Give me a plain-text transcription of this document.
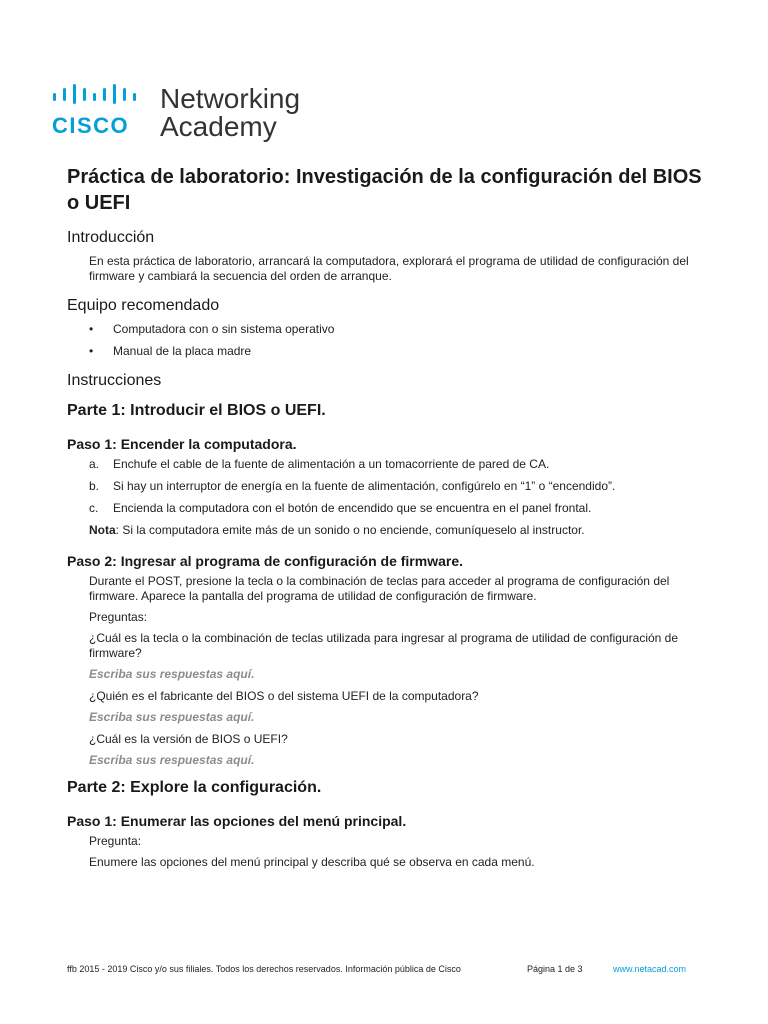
CISCO
Networking
Academy
Práctica de laboratorio: Investigación de la configuración del BIOS o UEFI
Introducción

En esta práctica de laboratorio, arrancará la computadora, explorará el programa de utilidad de configuración del firmware y cambiará la secuencia del orden de arranque.

Equipo recomendado
• Computadora con o sin sistema operativo
• Manual de la placa madre
Instrucciones
Parte 1: Introducir el BIOS o UEFI.
Paso 1: Encender la computadora.
a. Enchufe el cable de la fuente de alimentación a un tomacorriente de pared de CA.
b. Si hay un interruptor de energía en la fuente de alimentación, configúrelo en “1” o “encendido”.
c. Encienda la computadora con el botón de encendido que se encuentra en el panel frontal.

Nota: Si la computadora emite más de un sonido o no enciende, comuníqueselo al instructor.

Paso 2: Ingresar al programa de configuración de firmware.

Durante el POST, presione la tecla o la combinación de teclas para acceder al programa de configuración del firmware. Aparece la pantalla del programa de utilidad de configuración de firmware.

Preguntas:

¿Cuál es la tecla o la combinación de teclas utilizada para ingresar al programa de utilidad de configuración de firmware?

Escriba sus respuestas aquí.

¿Quién es el fabricante del BIOS o del sistema UEFI de la computadora?

Escriba sus respuestas aquí.

¿Cuál es la versión de BIOS o UEFI?

Escriba sus respuestas aquí.

Parte 2: Explore la configuración.
Paso 1: Enumerar las opciones del menú principal.

Pregunta:

Enumere las opciones del menú principal y describa qué se observa en cada menú.

ffb 2015 - 2019 Cisco y/o sus filiales. Todos los derechos reservados. Información pública de Cisco	Página 1 de 3	www.netacad.com
